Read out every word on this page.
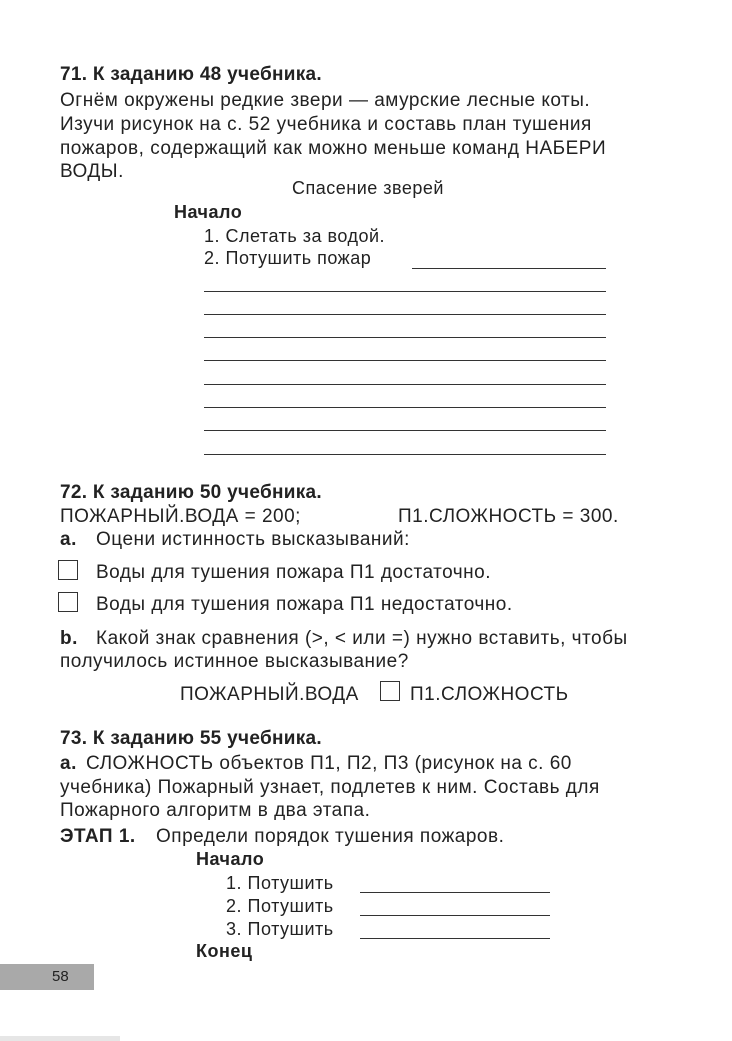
71. К заданию 48 учебника.
Огнём окружены редкие звери — амурские лесные коты.
Изучи рисунок на с. 52 учебника и составь план тушения
пожаров, содержащий как можно меньше команд НАБЕРИ
ВОДЫ.
Спасение зверей
Начало
1. Слетать за водой.
2. Потушить пожар
72. К заданию 50 учебника.
ПОЖАРНЫЙ.ВОДА = 200;	П1.СЛОЖНОСТЬ = 300.
а. Оцени истинность высказываний:
Воды для тушения пожара П1 достаточно.
Воды для тушения пожара П1 недостаточно.
b. Какой знак сравнения (>, < или =) нужно вставить, чтобы
получилось истинное высказывание?
ПОЖАРНЫЙ.ВОДА	П1.СЛОЖНОСТЬ
73. К заданию 55 учебника.
а. СЛОЖНОСТЬ объектов П1, П2, П3 (рисунок на с. 60
учебника) Пожарный узнает, подлетев к ним. Составь для
Пожарного алгоритм в два этапа.
ЭТАП 1. Определи порядок тушения пожаров.
Начало
1. Потушить
2. Потушить
3. Потушить
Конец
58
